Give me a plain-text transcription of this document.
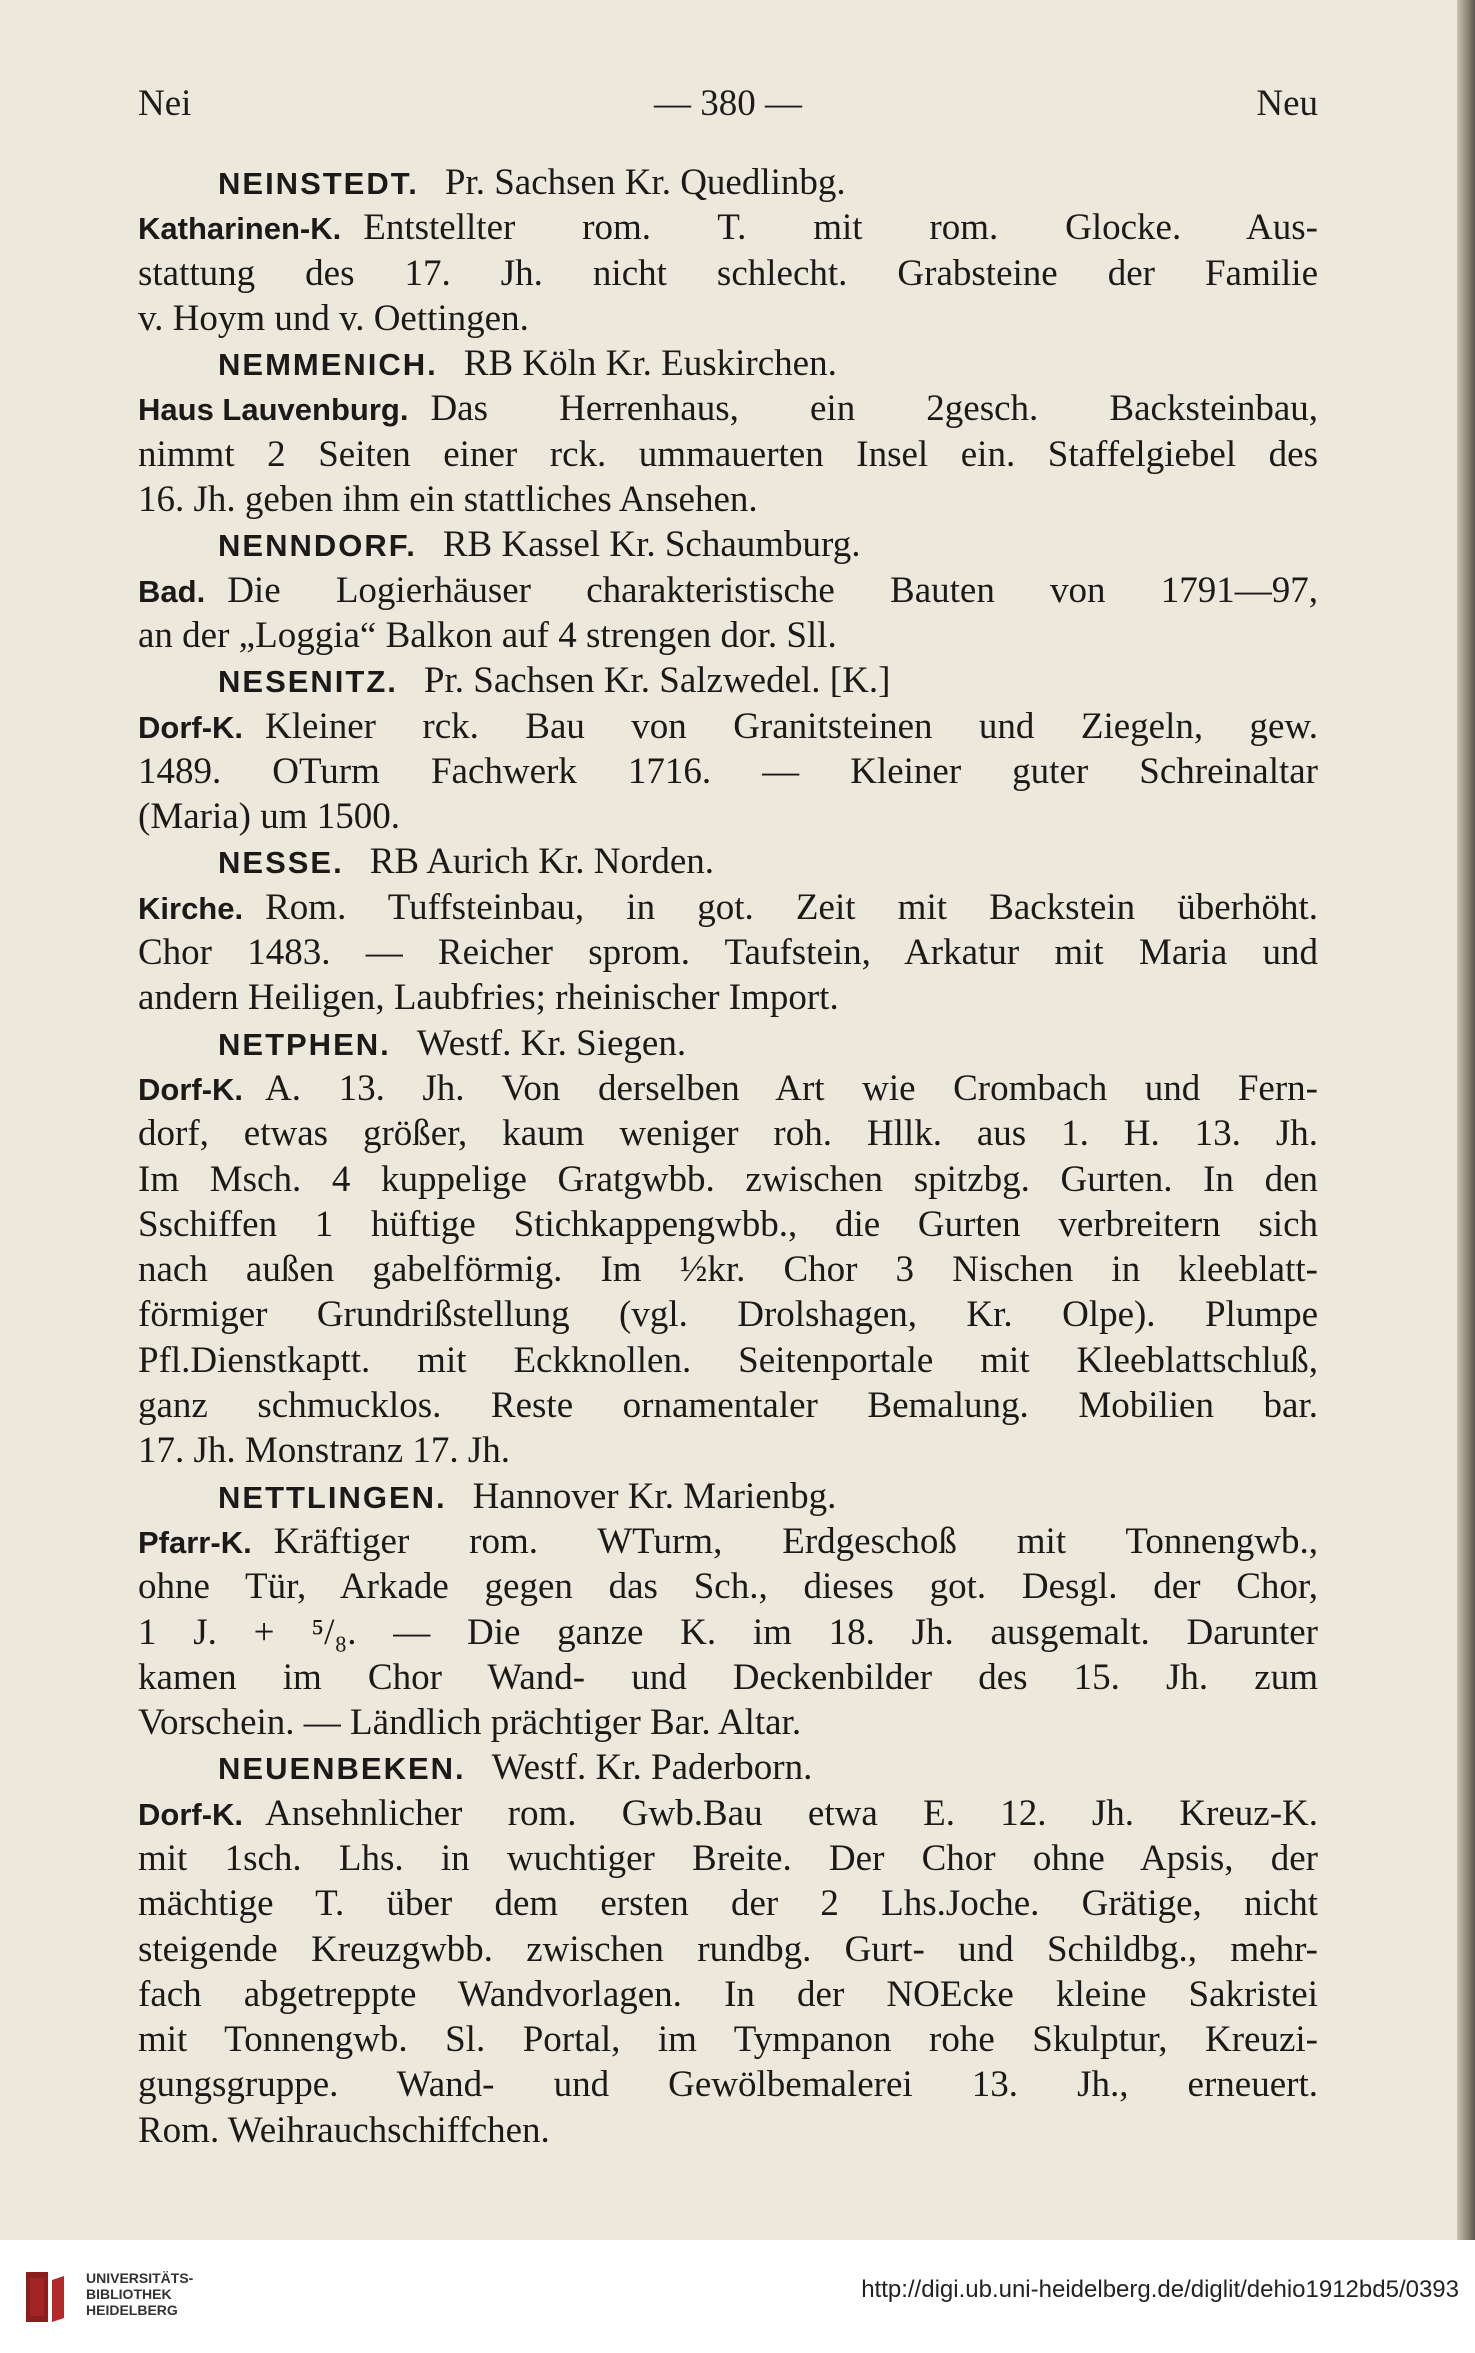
Nei	— 380 —	Neu
NEINSTEDT. Pr. Sachsen Kr. Quedlinbg.
Katharinen-K. Entstellter rom. T. mit rom. Glocke. Aus-
stattung des 17. Jh. nicht schlecht. Grabsteine der Familie
v. Hoym und v. Oettingen.
NEMMENICH. RB Köln Kr. Euskirchen.
Haus Lauvenburg. Das Herrenhaus, ein 2gesch. Backsteinbau,
nimmt 2 Seiten einer rck. ummauerten Insel ein. Staffelgiebel des
16. Jh. geben ihm ein stattliches Ansehen.
NENNDORF. RB Kassel Kr. Schaumburg.
Bad. Die Logierhäuser charakteristische Bauten von 1791—97,
an der „Loggia“ Balkon auf 4 strengen dor. Sll.
NESENITZ. Pr. Sachsen Kr. Salzwedel. [K.]
Dorf-K. Kleiner rck. Bau von Granitsteinen und Ziegeln, gew.
1489. OTurm Fachwerk 1716. — Kleiner guter Schreinaltar
(Maria) um 1500.
NESSE. RB Aurich Kr. Norden.
Kirche. Rom. Tuffsteinbau, in got. Zeit mit Backstein überhöht.
Chor 1483. — Reicher sprom. Taufstein, Arkatur mit Maria und
andern Heiligen, Laubfries; rheinischer Import.
NETPHEN. Westf. Kr. Siegen.
Dorf-K. A. 13. Jh. Von derselben Art wie Crombach und Fern-
dorf, etwas größer, kaum weniger roh. Hllk. aus 1. H. 13. Jh.
Im Msch. 4 kuppelige Gratgwbb. zwischen spitzbg. Gurten. In den
Sschiffen 1 hüftige Stichkappengwbb., die Gurten verbreitern sich
nach außen gabelförmig. Im ½kr. Chor 3 Nischen in kleeblatt-
förmiger Grundrißstellung (vgl. Drolshagen, Kr. Olpe). Plumpe
Pfl.Dienstkaptt. mit Eckknollen. Seitenportale mit Kleeblattschluß,
ganz schmucklos. Reste ornamentaler Bemalung. Mobilien bar.
17. Jh. Monstranz 17. Jh.
NETTLINGEN. Hannover Kr. Marienbg.
Pfarr-K. Kräftiger rom. WTurm, Erdgeschoß mit Tonnengwb.,
ohne Tür, Arkade gegen das Sch., dieses got. Desgl. der Chor,
1 J. + ⁵/₈. — Die ganze K. im 18. Jh. ausgemalt. Darunter
kamen im Chor Wand- und Deckenbilder des 15. Jh. zum
Vorschein. — Ländlich prächtiger Bar. Altar.
NEUENBEKEN. Westf. Kr. Paderborn.
Dorf-K. Ansehnlicher rom. Gwb.Bau etwa E. 12. Jh. Kreuz-K.
mit 1sch. Lhs. in wuchtiger Breite. Der Chor ohne Apsis, der
mächtige T. über dem ersten der 2 Lhs.Joche. Grätige, nicht
steigende Kreuzgwbb. zwischen rundbg. Gurt- und Schildbg., mehr-
fach abgetreppte Wandvorlagen. In der NOEcke kleine Sakristei
mit Tonnengwb. Sl. Portal, im Tympanon rohe Skulptur, Kreuzi-
gungsgruppe. Wand- und Gewölbemalerei 13. Jh., erneuert.
Rom. Weihrauchschiffchen.
UNIVERSITÄTS-
BIBLIOTHEK
HEIDELBERG
http://digi.ub.uni-heidelberg.de/diglit/dehio1912bd5/0393
